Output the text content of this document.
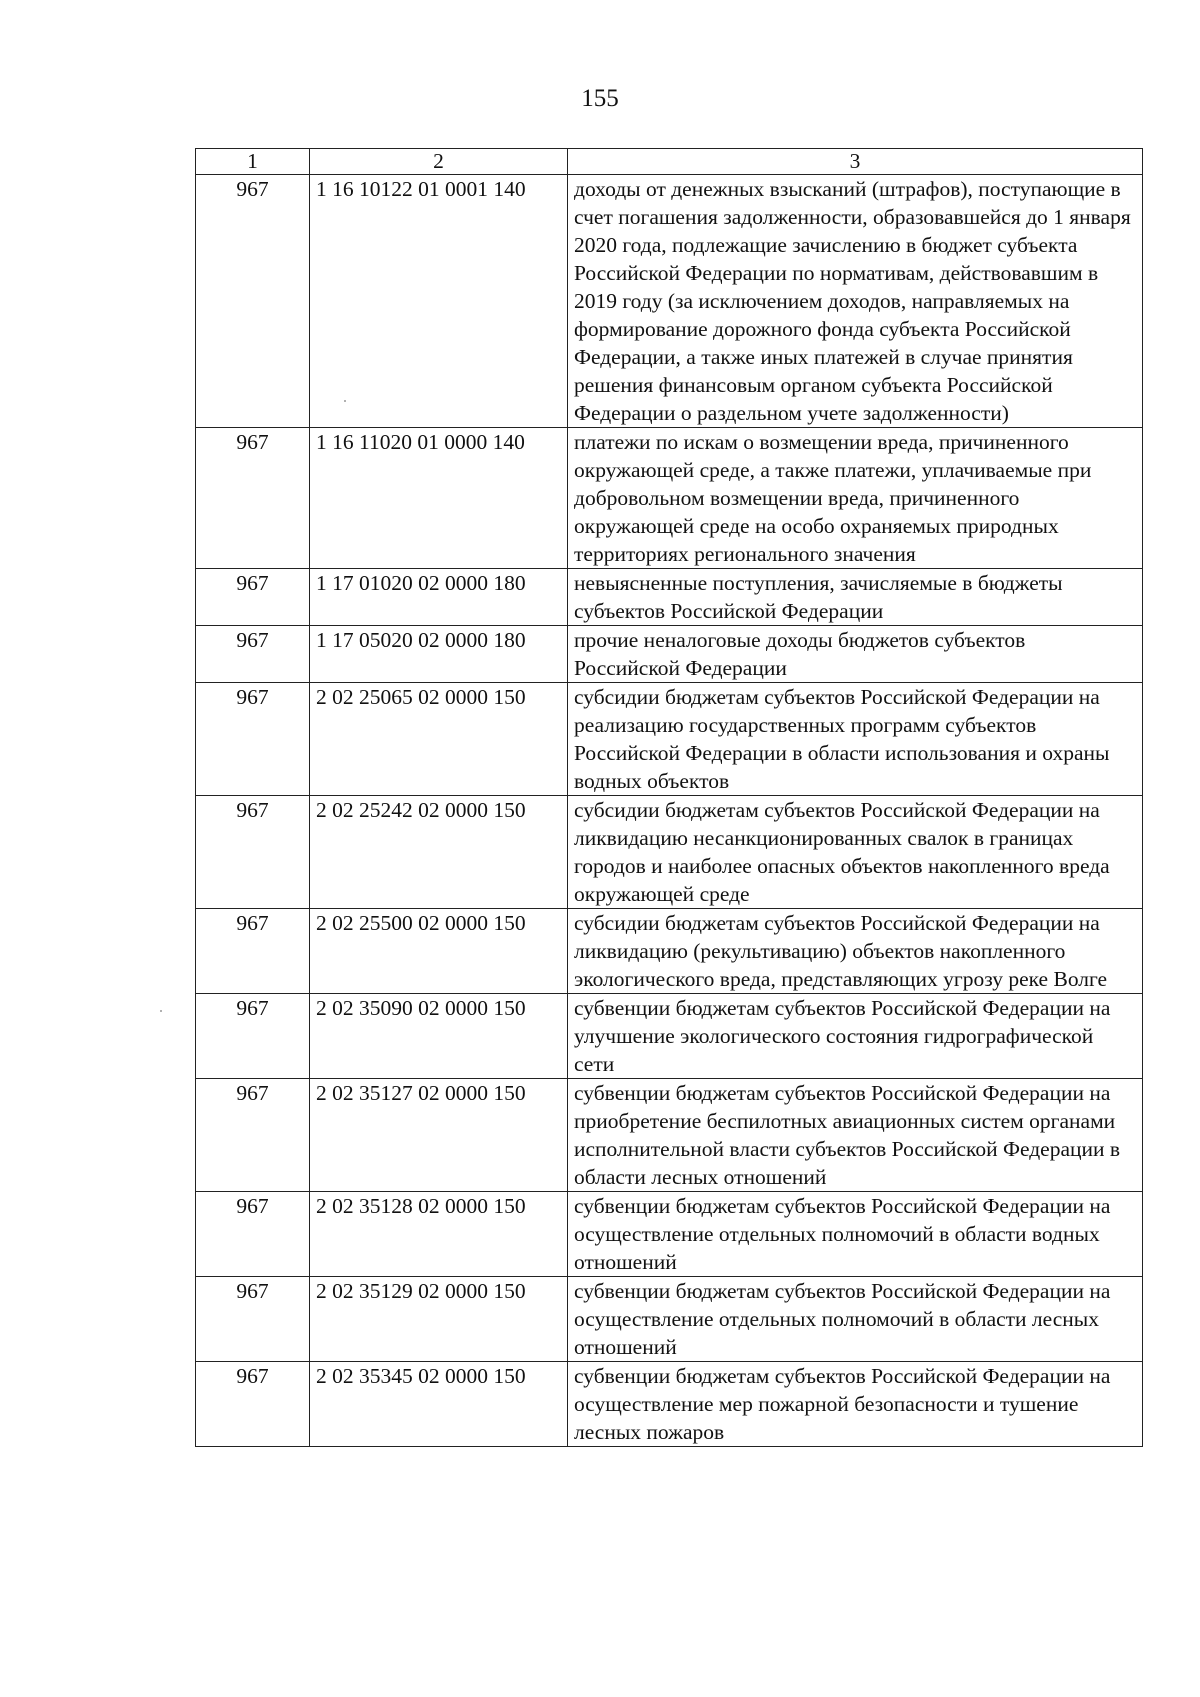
155
1	2	3
967	1 16 10122 01 0001 140	доходы от денежных взысканий (штрафов), поступающие в счет погашения задолженности, образовавшейся до 1 января 2020 года, подлежащие зачислению в бюджет субъекта Российской Федерации по нормативам, действовавшим в 2019 году (за исключением доходов, направляемых на формирование дорожного фонда субъекта Российской Федерации, а также иных платежей в случае принятия решения финансовым органом субъекта Российской Федерации о раздельном учете задолженности)
967	1 16 11020 01 0000 140	платежи по искам о возмещении вреда, причиненного окружающей среде, а также платежи, уплачиваемые при добровольном возмещении вреда, причиненного окружающей среде на особо охраняемых природных территориях регионального значения
967	1 17 01020 02 0000 180	невыясненные поступления, зачисляемые в бюджеты субъектов Российской Федерации
967	1 17 05020 02 0000 180	прочие неналоговые доходы бюджетов субъектов Российской Федерации
967	2 02 25065 02 0000 150	субсидии бюджетам субъектов Российской Федерации на реализацию государственных программ субъектов Российской Федерации в области использования и охраны водных объектов
967	2 02 25242 02 0000 150	субсидии бюджетам субъектов Российской Федерации на ликвидацию несанкционированных свалок в границах городов и наиболее опасных объектов накопленного вреда окружающей среде
967	2 02 25500 02 0000 150	субсидии бюджетам субъектов Российской Федерации на ликвидацию (рекультивацию) объектов накопленного экологического вреда, представляющих угрозу реке Волге
967	2 02 35090 02 0000 150	субвенции бюджетам субъектов Российской Федерации на улучшение экологического состояния гидрографической сети
967	2 02 35127 02 0000 150	субвенции бюджетам субъектов Российской Федерации на приобретение беспилотных авиационных систем органами исполнительной власти субъектов Российской Федерации в области лесных отношений
967	2 02 35128 02 0000 150	субвенции бюджетам субъектов Российской Федерации на осуществление отдельных полномочий в области водных отношений
967	2 02 35129 02 0000 150	субвенции бюджетам субъектов Российской Федерации на осуществление отдельных полномочий в области лесных отношений
967	2 02 35345 02 0000 150	субвенции бюджетам субъектов Российской Федерации на осуществление мер пожарной безопасности и тушение лесных пожаров
